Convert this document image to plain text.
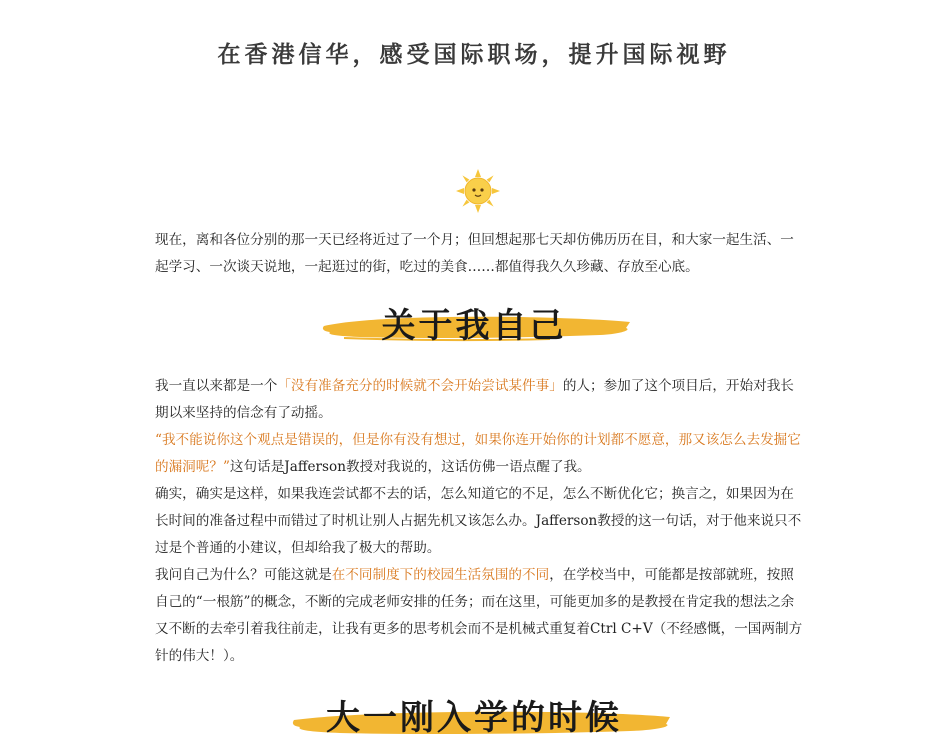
在香港信华，感受国际职场，提升国际视野

现在，离和各位分别的那一天已经将近过了一个月；但回想起那七天却仿佛历历在目，和大家一起生活、一起学习、一次谈天说地，一起逛过的街，吃过的美食……都值得我久久珍藏、存放至心底。

关于我自己
我一直以来都是一个「没有准备充分的时候就不会开始尝试某件事」的人；参加了这个项目后，开始对我长期以来坚持的信念有了动摇。
“我不能说你这个观点是错误的，但是你有没有想过，如果你连开始你的计划都不愿意，那又该怎么去发掘它的漏洞呢？”这句话是Jafferson教授对我说的，这话仿佛一语点醒了我。
确实，确实是这样，如果我连尝试都不去的话，怎么知道它的不足，怎么不断优化它；换言之，如果因为在长时间的准备过程中而错过了时机让别人占据先机又该怎么办。Jafferson教授的这一句话，对于他来说只不过是个普通的小建议，但却给我了极大的帮助。
我问自己为什么？可能这就是在不同制度下的校园生活氛围的不同，在学校当中，可能都是按部就班，按照自己的“一根筋”的概念，不断的完成老师安排的任务；而在这里，可能更加多的是教授在肯定我的想法之余又不断的去牵引着我往前走，让我有更多的思考机会而不是机械式重复着Ctrl C+V（不经感慨，一国两制方针的伟大！）。
大一刚入学的时候
